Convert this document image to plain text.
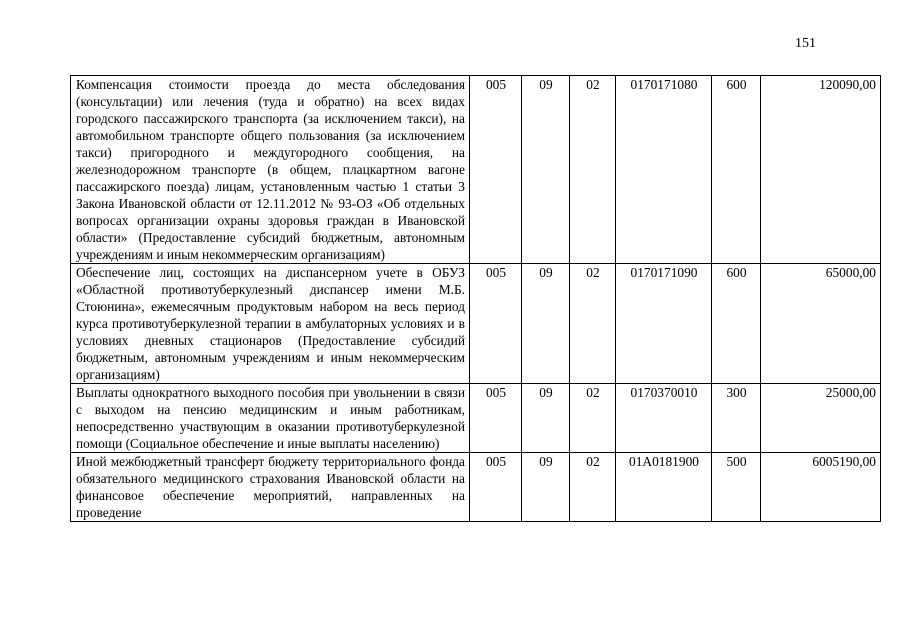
151
Компенсация стоимости проезда до места обследования (консультации) или лечения (туда и обратно) на всех видах городского пассажирского транспорта (за исключением такси), на автомобильном транспорте общего пользования (за исключением такси) пригородного и междугородного сообщения, на железнодорожном транспорте (в общем, плацкартном вагоне пассажирского поезда) лицам, установленным частью 1 статьи 3 Закона Ивановской области от 12.11.2012 № 93-ОЗ «Об отдельных вопросах организации охраны здоровья граждан в Ивановской области» (Предоставление субсидий бюджетным, автономным учреждениям и иным некоммерческим организациям)	005	09	02	0170171080	600	120090,00
Обеспечение лиц, состоящих на диспансерном учете в ОБУЗ «Областной противотуберкулезный диспансер имени М.Б. Стоюнина», ежемесячным продуктовым набором на весь период курса противотуберкулезной терапии в амбулаторных условиях и в условиях дневных стационаров (Предоставление субсидий бюджетным, автономным учреждениям и иным некоммерческим организациям)	005	09	02	0170171090	600	65000,00
Выплаты однократного выходного пособия при увольнении в связи с выходом на пенсию медицинским и иным работникам, непосредственно участвующим в оказании противотуберкулезной помощи (Социальное обеспечение и иные выплаты населению)	005	09	02	0170370010	300	25000,00
Иной межбюджетный трансферт бюджету территориального фонда обязательного медицинского страхования Ивановской области на финансовое обеспечение мероприятий, направленных на проведение	005	09	02	01А0181900	500	6005190,00
